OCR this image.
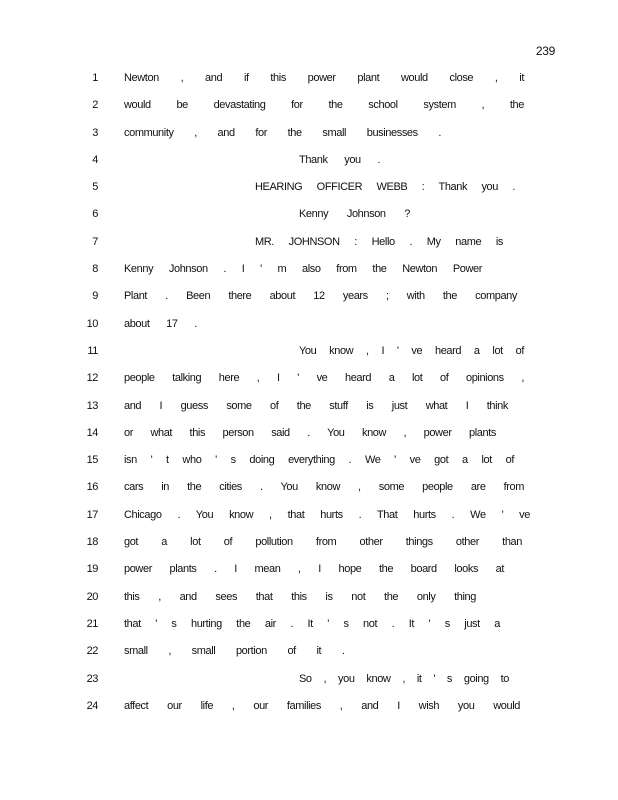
239
1 Newton , and if this power plant would close , it
2 would be devastating for the school system , the
3 community , and for the small businesses .
4	Thank you .
5	HEARING OFFICER WEBB : Thank you .
6	Kenny Johnson ?
7	MR. JOHNSON : Hello . My name is
8 Kenny Johnson . I ' m also from the Newton Power
9 Plant . Been there about 12 years ; with the company
10 about 17 .
11	You know , I ' ve heard a lot of
12 people talking here , I ' ve heard a lot of opinions ,
13 and I guess some of the stuff is just what I think
14 or what this person said . You know , power plants
15 isn ' t who ' s doing everything . We ' ve got a lot of
16 cars in the cities . You know , some people are from
17 Chicago . You know , that hurts . That hurts . We ' ve
18 got a lot of pollution from other things other than
19 power plants . I mean , I hope the board looks at
20 this , and sees that this is not the only thing
21 that ' s hurting the air . It ' s not . It ' s just a
22 small , small portion of it .
23	So , you know , it ' s going to
24 affect our life , our families , and I wish you would
